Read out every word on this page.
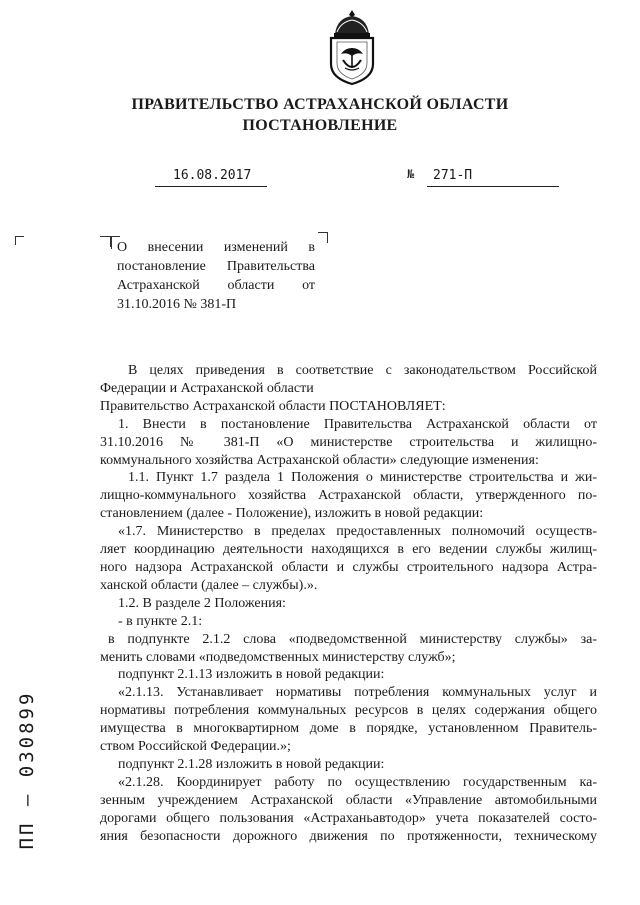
ПРАВИТЕЛЬСТВО АСТРАХАНСКОЙ ОБЛАСТИ
ПОСТАНОВЛЕНИЕ
16.08.2017	№ 271-П
О внесении изменений в
постановление Правительства
Астраханской области от
31.10.2016 № 381-П
В целях приведения в соответствие с законодательством Российской
Федерации и Астраханской области
Правительство Астраханской области ПОСТАНОВЛЯЕТ:
1. Внести в постановление Правительства Астраханской области от
31.10.2016 № 381-П «О министерстве строительства и жилищно-
коммунального хозяйства Астраханской области» следующие изменения:
1.1. Пункт 1.7 раздела 1 Положения о министерстве строительства и жи-
лищно-коммунального хозяйства Астраханской области, утвержденного по-
становлением (далее - Положение), изложить в новой редакции:
«1.7. Министерство в пределах предоставленных полномочий осуществ-
ляет координацию деятельности находящихся в его ведении службы жилищ-
ного надзора Астраханской области и службы строительного надзора Астра-
ханской области (далее – службы).».
1.2. В разделе 2 Положения:
- в пункте 2.1:
в подпункте 2.1.2 слова «подведомственной министерству службы» за-
менить словами «подведомственных министерству служб»;
подпункт 2.1.13 изложить в новой редакции:
«2.1.13. Устанавливает нормативы потребления коммунальных услуг и
нормативы потребления коммунальных ресурсов в целях содержания общего
имущества в многоквартирном доме в порядке, установленном Правитель-
ством Российской Федерации.»;
подпункт 2.1.28 изложить в новой редакции:
«2.1.28. Координирует работу по осуществлению государственным ка-
зенным учреждением Астраханской области «Управление автомобильными
дорогами общего пользования «Астраханьавтодор» учета показателей состо-
яния безопасности дорожного движения по протяженности, техническому
ПП – 030899
